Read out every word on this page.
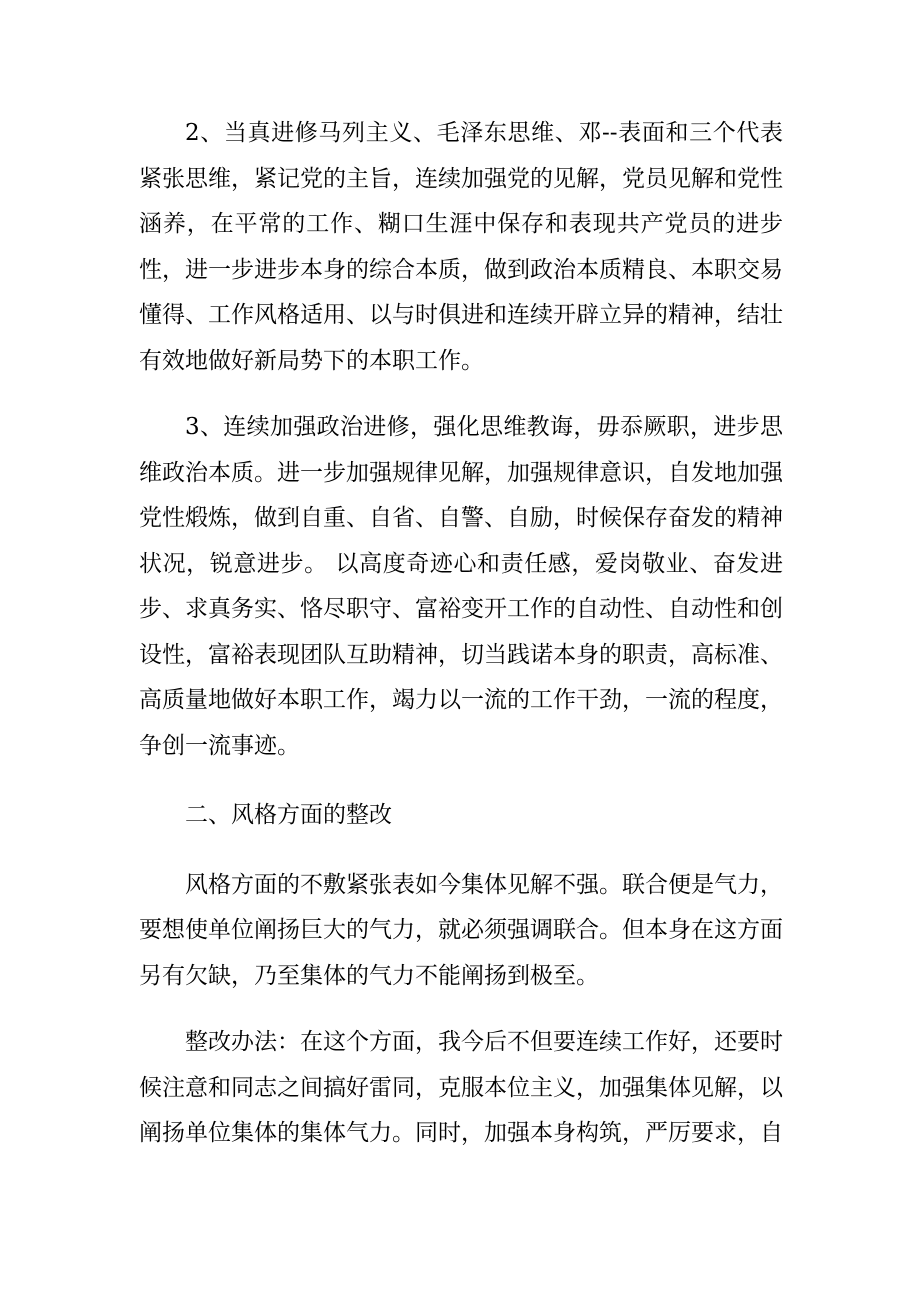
2、当真进修马列主义、毛泽东思维、邓--表面和三个代表紧张思维，紧记党的主旨，连续加强党的见解，党员见解和党性涵养，在平常的工作、糊口生涯中保存和表现共产党员的进步性，进一步进步本身的综合本质，做到政治本质精良、本职交易懂得、工作风格适用、以与时俱进和连续开辟立异的精神，结壮有效地做好新局势下的本职工作。

3、连续加强政治进修，强化思维教诲，毋忝厥职，进步思维政治本质。进一步加强规律见解，加强规律意识，自发地加强党性煅炼，做到自重、自省、自警、自励，时候保存奋发的精神状况，锐意进步。 以高度奇迹心和责任感，爱岗敬业、奋发进步、求真务实、恪尽职守、富裕变开工作的自动性、自动性和创设性，富裕表现团队互助精神，切当践诺本身的职责，高标准、高质量地做好本职工作，竭力以一流的工作干劲，一流的程度，争创一流事迹。

二、风格方面的整改

风格方面的不敷紧张表如今集体见解不强。联合便是气力，要想使单位阐扬巨大的气力，就必须强调联合。但本身在这方面另有欠缺，乃至集体的气力不能阐扬到极至。

整改办法：在这个方面，我今后不但要连续工作好，还要时候注意和同志之间搞好雷同，克服本位主义，加强集体见解，以阐扬单位集体的集体气力。同时，加强本身构筑，严厉要求，自
